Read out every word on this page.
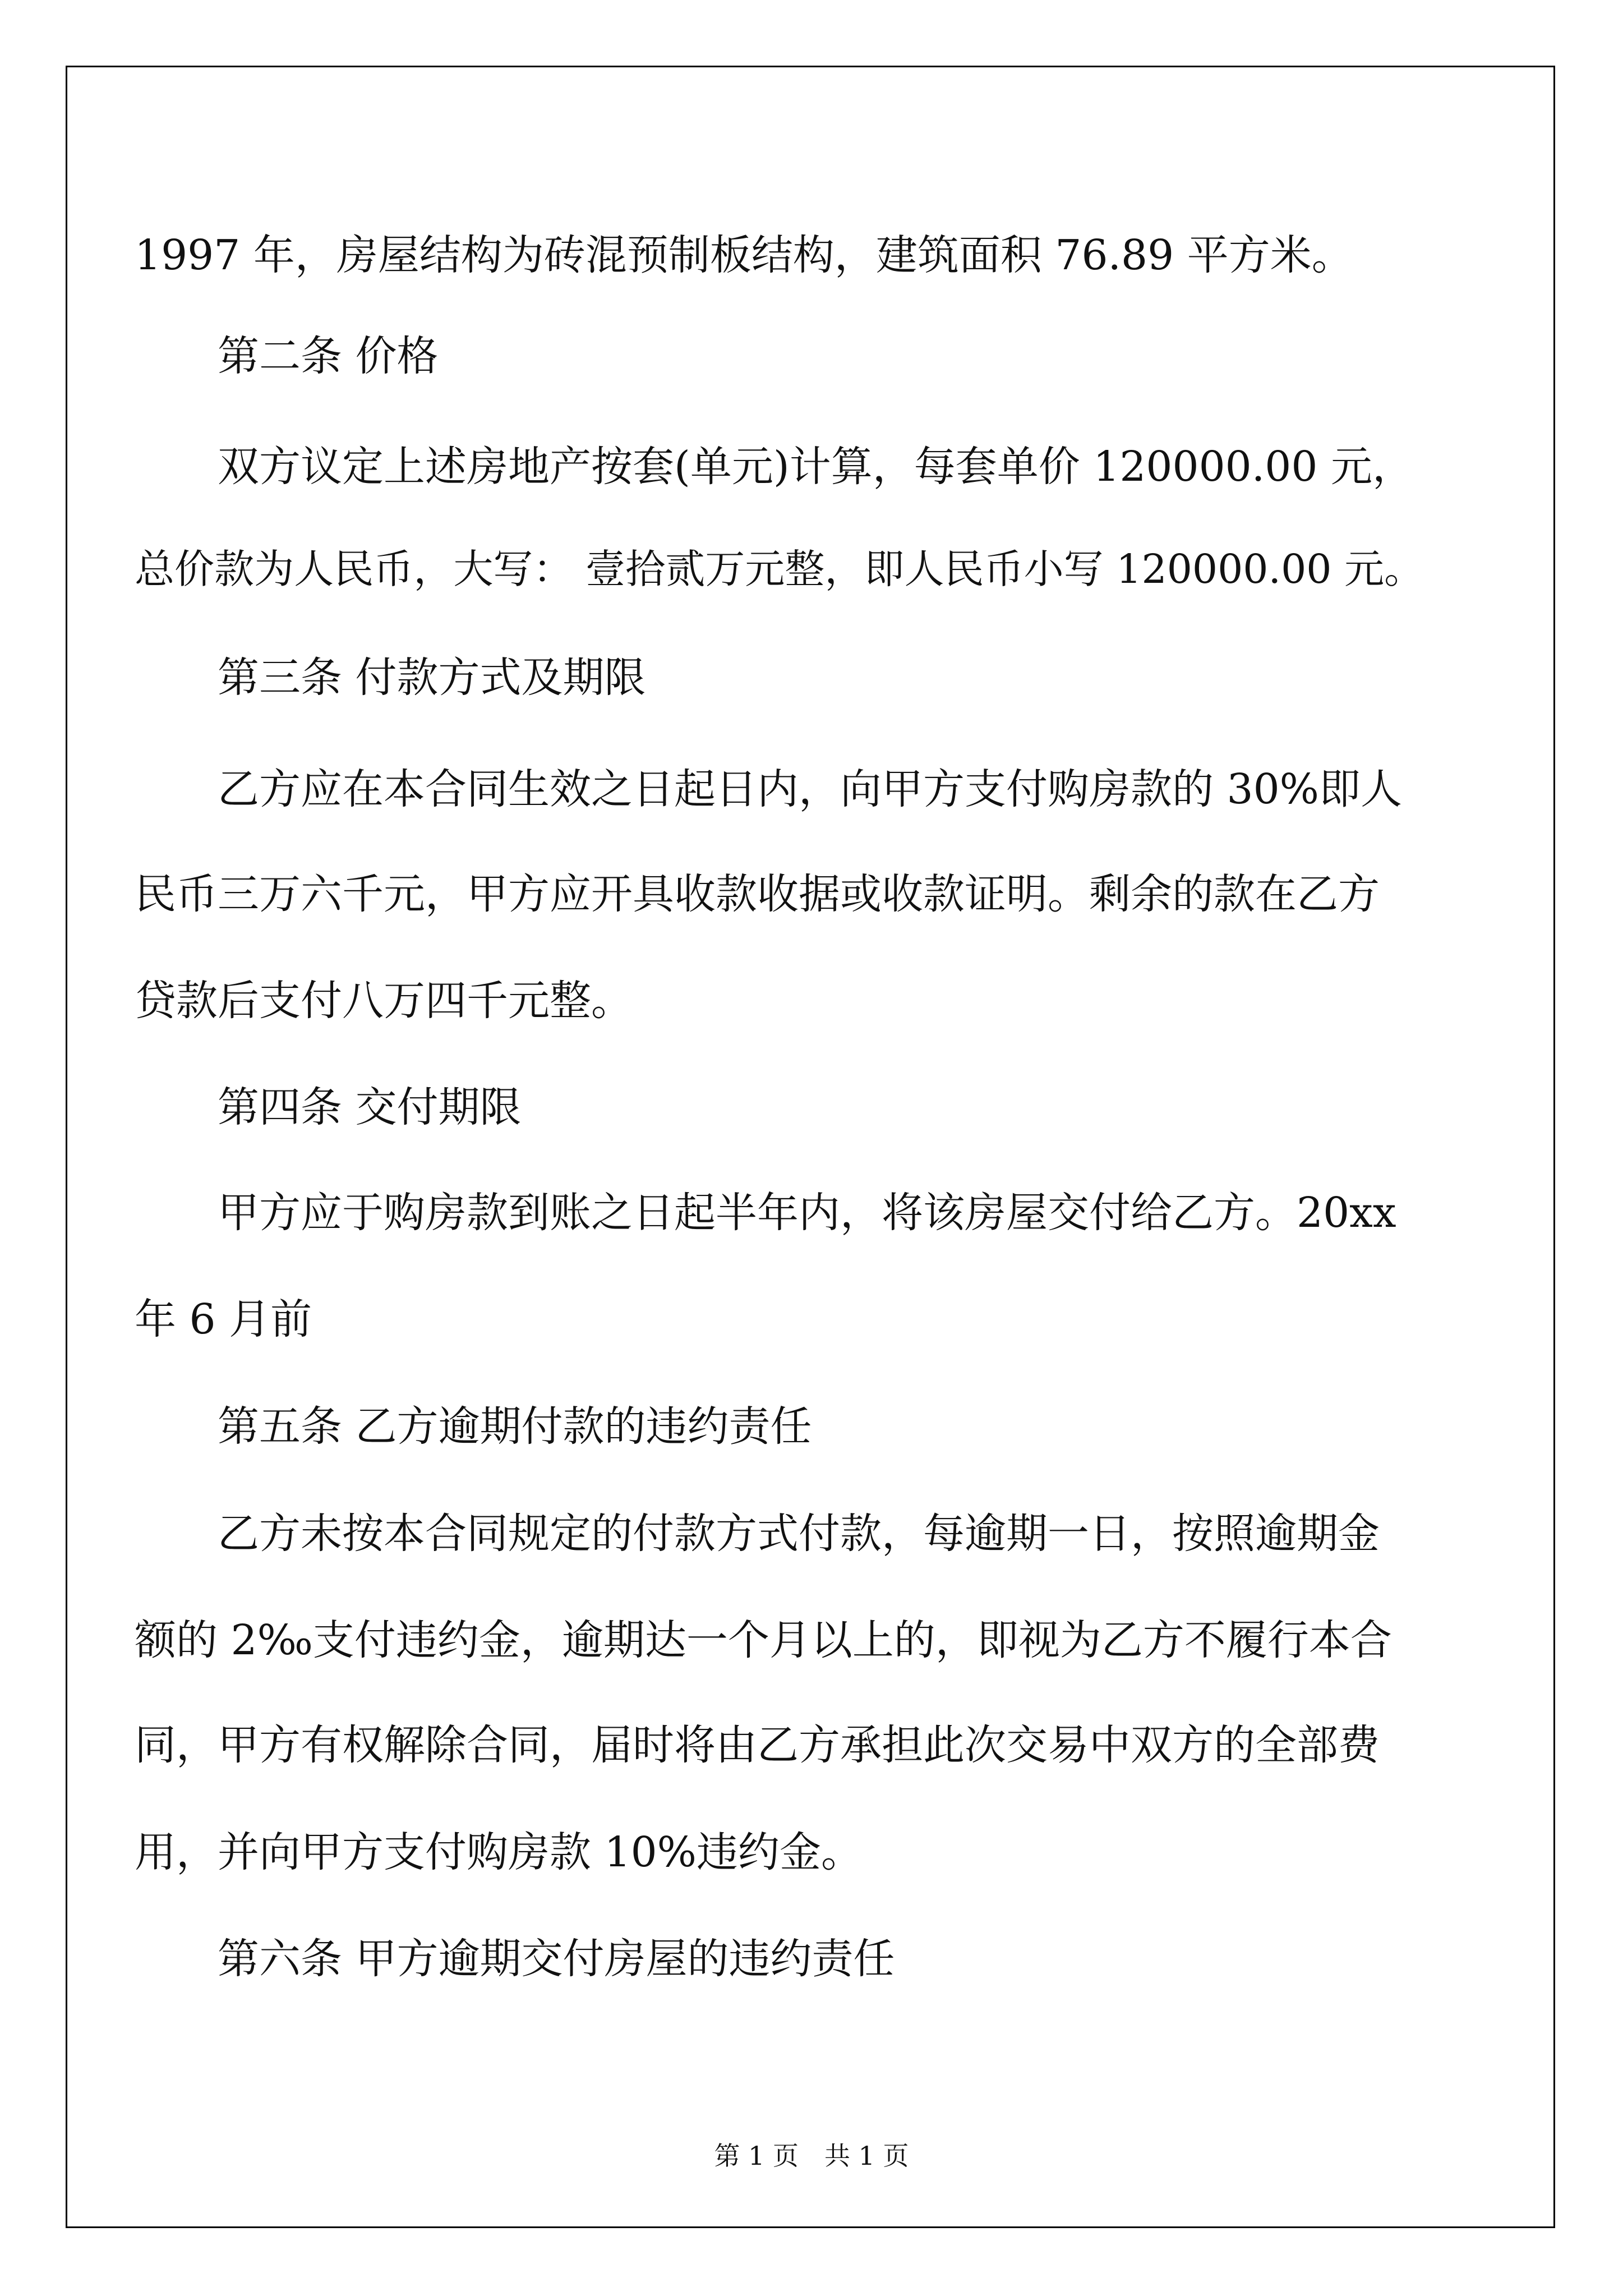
1997 年，房屋结构为砖混预制板结构，建筑面积 76.89 平方米。
第二条 价格
双方议定上述房地产按套(单元)计算，每套单价 120000.00 元，
总价款为人民币，大写： 壹拾贰万元整，即人民币小写 120000.00 元。
第三条 付款方式及期限
乙方应在本合同生效之日起日内，向甲方支付购房款的 30%即人
民币三万六千元，甲方应开具收款收据或收款证明。剩余的款在乙方
贷款后支付八万四千元整。
第四条 交付期限
甲方应于购房款到账之日起半年内，将该房屋交付给乙方。20xx
年 6 月前
第五条 乙方逾期付款的违约责任
乙方未按本合同规定的付款方式付款，每逾期一日，按照逾期金
额的 2‰支付违约金，逾期达一个月以上的，即视为乙方不履行本合
同，甲方有权解除合同，届时将由乙方承担此次交易中双方的全部费
用，并向甲方支付购房款 10%违约金。
第六条 甲方逾期交付房屋的违约责任
第 1 页　共 1 页
